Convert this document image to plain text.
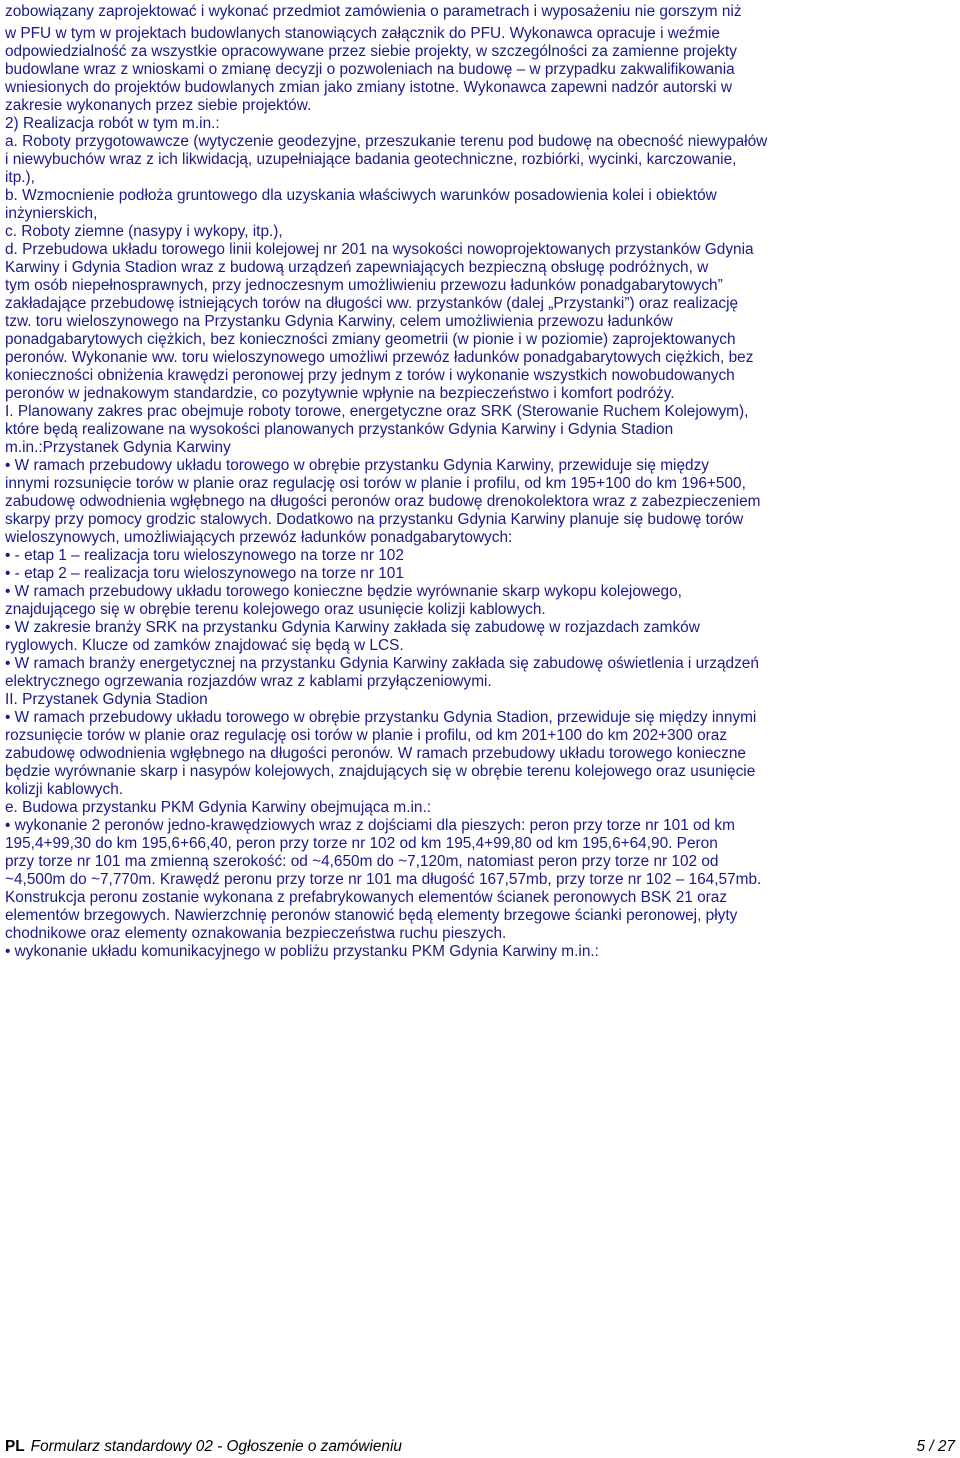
zobowiązany zaprojektować i wykonać przedmiot zamówienia o parametrach i wyposażeniu nie gorszym niż
w PFU w tym w projektach budowlanych stanowiących załącznik do PFU. Wykonawca opracuje i weźmie
odpowiedzialność za wszystkie opracowywane przez siebie projekty, w szczególności za zamienne projekty
budowlane wraz z wnioskami o zmianę decyzji o pozwoleniach na budowę – w przypadku zakwalifikowania
wniesionych do projektów budowlanych zmian jako zmiany istotne. Wykonawca zapewni nadzór autorski w
zakresie wykonanych przez siebie projektów.
2) Realizacja robót w tym m.in.:
a. Roboty przygotowawcze (wytyczenie geodezyjne, przeszukanie terenu pod budowę na obecność niewypałów
i niewybuchów wraz z ich likwidacją, uzupełniające badania geotechniczne, rozbiórki, wycinki, karczowanie,
itp.),
b. Wzmocnienie podłoża gruntowego dla uzyskania właściwych warunków posadowienia kolei i obiektów
inżynierskich,
c. Roboty ziemne (nasypy i wykopy, itp.),
d. Przebudowa układu torowego linii kolejowej nr 201 na wysokości nowoprojektowanych przystanków Gdynia
Karwiny i Gdynia Stadion wraz z budową urządzeń zapewniających bezpieczną obsługę podróżnych, w
tym osób niepełnosprawnych, przy jednoczesnym umożliwieniu przewozu ładunków ponadgabarytowych”
zakładające przebudowę istniejących torów na długości ww. przystanków (dalej „Przystanki”) oraz realizację
tzw. toru wieloszynowego na Przystanku Gdynia Karwiny, celem umożliwienia przewozu ładunków
ponadgabarytowych ciężkich, bez konieczności zmiany geometrii (w pionie i w poziomie) zaprojektowanych
peronów. Wykonanie ww. toru wieloszynowego umożliwi przewóz ładunków ponadgabarytowych ciężkich, bez
konieczności obniżenia krawędzi peronowej przy jednym z torów i wykonanie wszystkich nowobudowanych
peronów w jednakowym standardzie, co pozytywnie wpłynie na bezpieczeństwo i komfort podróży.
I. Planowany zakres prac obejmuje roboty torowe, energetyczne oraz SRK (Sterowanie Ruchem Kolejowym),
które będą realizowane na wysokości planowanych przystanków Gdynia Karwiny i Gdynia Stadion
m.in.:Przystanek Gdynia Karwiny
• W ramach przebudowy układu torowego w obrębie przystanku Gdynia Karwiny, przewiduje się między
innymi rozsunięcie torów w planie oraz regulację osi torów w planie i profilu, od km 195+100 do km 196+500,
zabudowę odwodnienia wgłębnego na długości peronów oraz budowę drenokolektora wraz z zabezpieczeniem
skarpy przy pomocy grodzic stalowych. Dodatkowo na przystanku Gdynia Karwiny planuje się budowę torów
wieloszynowych, umożliwiających przewóz ładunków ponadgabarytowych:
• - etap 1 – realizacja toru wieloszynowego na torze nr 102
• - etap 2 – realizacja toru wieloszynowego na torze nr 101
• W ramach przebudowy układu torowego konieczne będzie wyrównanie skarp wykopu kolejowego,
znajdującego się w obrębie terenu kolejowego oraz usunięcie kolizji kablowych.
• W zakresie branży SRK na przystanku Gdynia Karwiny zakłada się zabudowę w rozjazdach zamków
ryglowych. Klucze od zamków znajdować się będą w LCS.
• W ramach branży energetycznej na przystanku Gdynia Karwiny zakłada się zabudowę oświetlenia i urządzeń
elektrycznego ogrzewania rozjazdów wraz z kablami przyłączeniowymi.
II. Przystanek Gdynia Stadion
• W ramach przebudowy układu torowego w obrębie przystanku Gdynia Stadion, przewiduje się między innymi
rozsunięcie torów w planie oraz regulację osi torów w planie i profilu, od km 201+100 do km 202+300 oraz
zabudowę odwodnienia wgłębnego na długości peronów. W ramach przebudowy układu torowego konieczne
będzie wyrównanie skarp i nasypów kolejowych, znajdujących się w obrębie terenu kolejowego oraz usunięcie
kolizji kablowych.
e. Budowa przystanku PKM Gdynia Karwiny obejmująca m.in.:
• wykonanie 2 peronów jedno-krawędziowych wraz z dojściami dla pieszych: peron przy torze nr 101 od km
195,4+99,30 do km 195,6+66,40, peron przy torze nr 102 od km 195,4+99,80 od km 195,6+64,90. Peron
przy torze nr 101 ma zmienną szerokość: od ~4,650m do ~7,120m, natomiast peron przy torze nr 102 od
~4,500m do ~7,770m. Krawędź peronu przy torze nr 101 ma długość 167,57mb, przy torze nr 102 – 164,57mb.
Konstrukcja peronu zostanie wykonana z prefabrykowanych elementów ścianek peronowych BSK 21 oraz
elementów brzegowych. Nawierzchnię peronów stanowić będą elementy brzegowe ścianki peronowej, płyty
chodnikowe oraz elementy oznakowania bezpieczeństwa ruchu pieszych.
• wykonanie układu komunikacyjnego w pobliżu przystanku PKM Gdynia Karwiny m.in.:
PL Formularz standardowy 02 - Ogłoszenie o zamówieniu	5 / 27
